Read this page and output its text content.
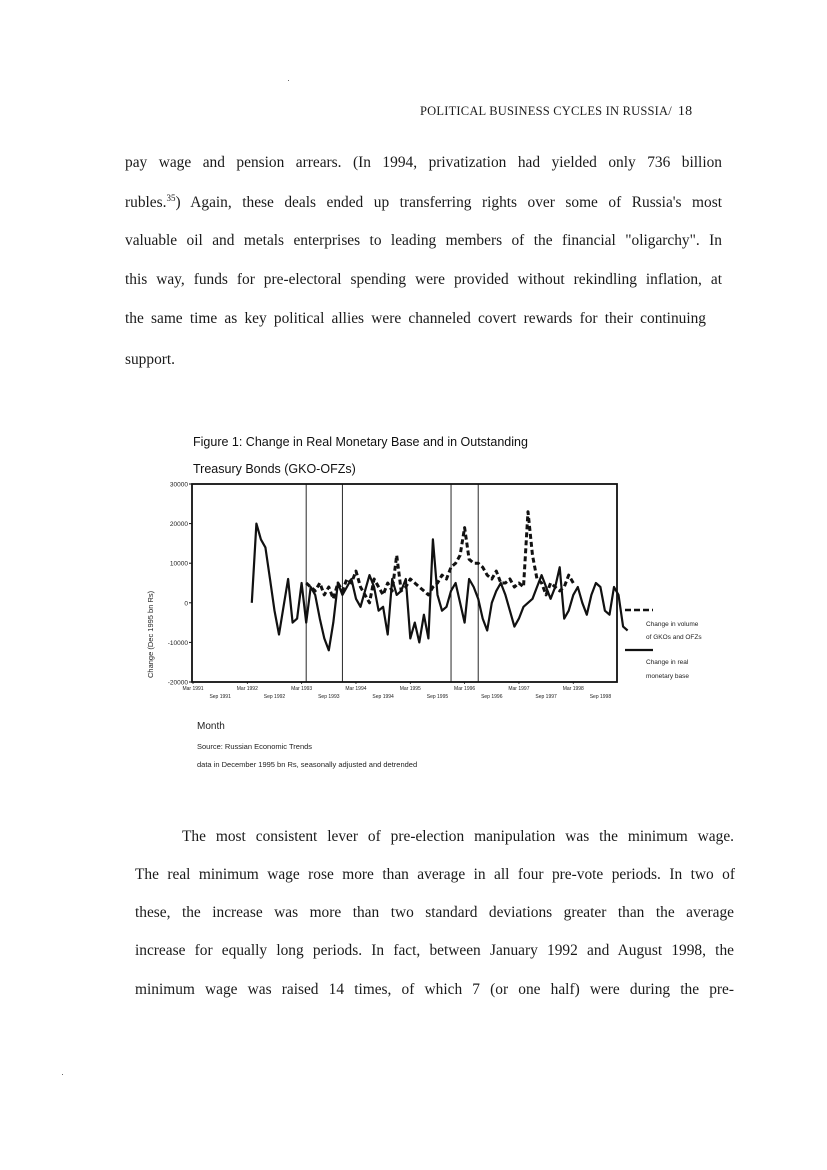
POLITICAL BUSINESS CYCLES IN RUSSIA/ 18
pay wage and pension arrears. (In 1994, privatization had yielded only 736 billion
rubles.$^{35}$) Again, these deals ended up transferring rights over some of Russia's most
valuable oil and metals enterprises to leading members of the financial "oligarchy". In
this way, funds for pre-electoral spending were provided without rekindling inflation, at
the same time as key political allies were channeled covert rewards for their continuing
support.
Figure 1: Change in Real Monetary Base and in Outstanding
Treasury Bonds (GKO-OFZs)
30000
20000
10000
0
-10000
-20000
Mar 1991	Mar 1992	Mar 1993	Mar 1994	Mar 1995	Mar 1996	Mar 1997	Mar 1998
Sep 1991	Sep 1992	Sep 1993	Sep 1994	Sep 1995	Sep 1996	Sep 1997	Sep 1998
Change (Dec 1995 bn Rs)	Change in volume
of GKOs and OFZs
Change in real
monetary base
Month
Source: Russian Economic Trends
data in December 1995 bn Rs, seasonally adjusted and detrended
The most consistent lever of pre-election manipulation was the minimum wage.
The real minimum wage rose more than average in all four pre-vote periods. In two of
these, the increase was more than two standard deviations greater than the average
increase for equally long periods. In fact, between January 1992 and August 1998, the
minimum wage was raised 14 times, of which 7 (or one half) were during the pre-
